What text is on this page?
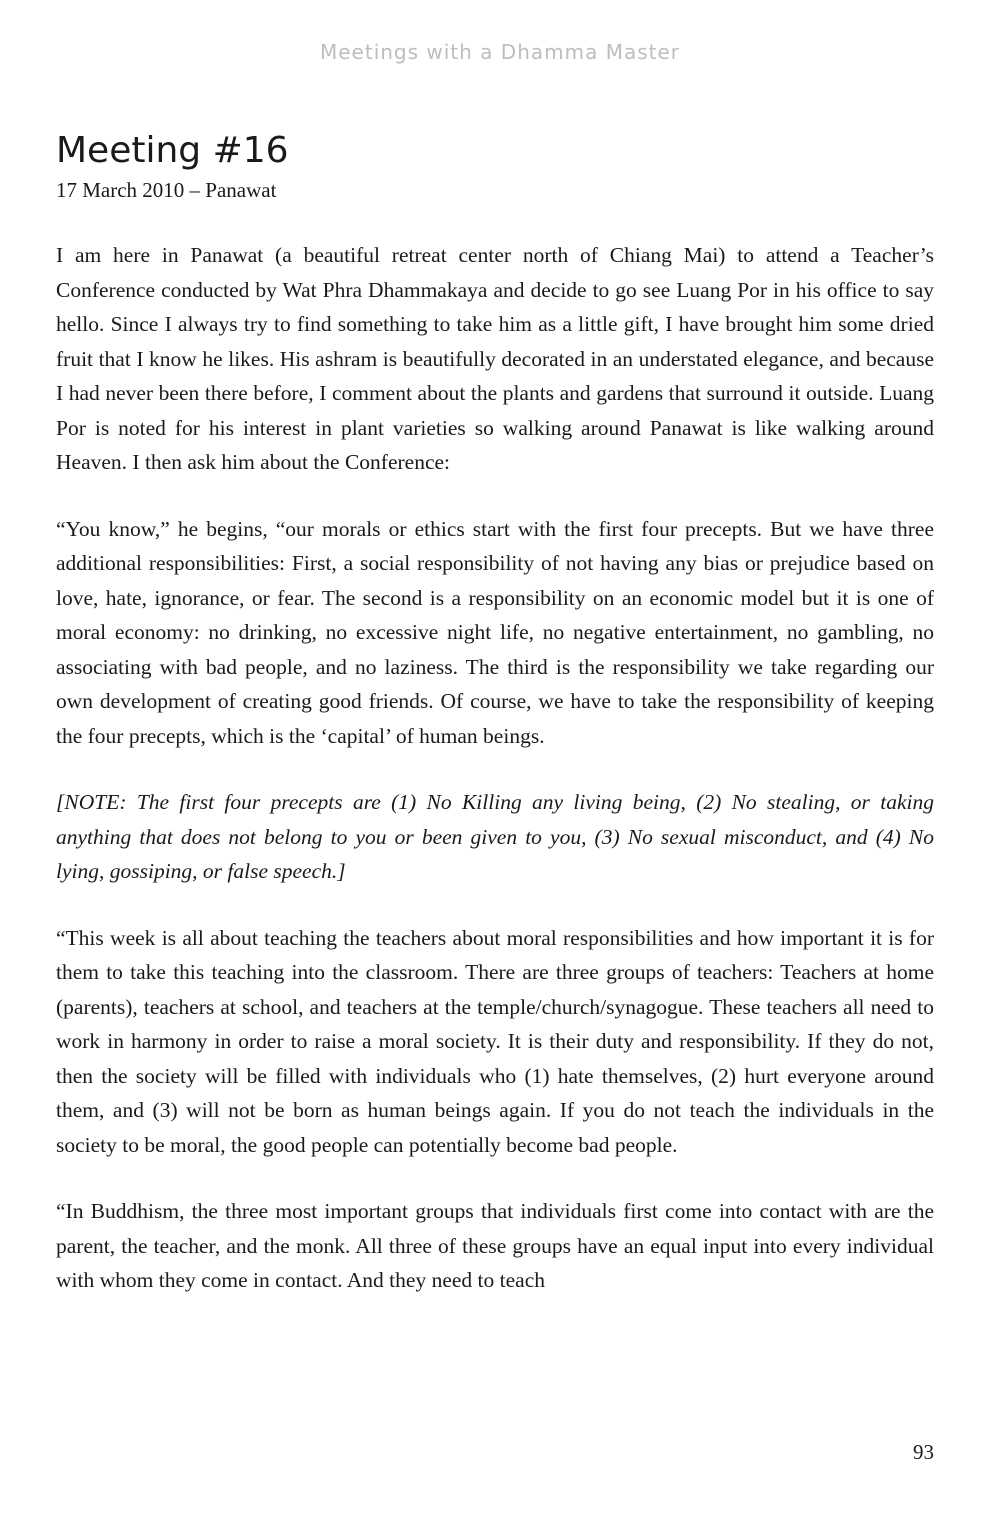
Meetings with a Dhamma Master
Meeting #16
17 March 2010 – Panawat

I am here in Panawat (a beautiful retreat center north of Chiang Mai) to attend a Teacher’s Conference conducted by Wat Phra Dhammakaya and decide to go see Luang Por in his office to say hello. Since I always try to find something to take him as a little gift, I have brought him some dried fruit that I know he likes. His ashram is beautifully decorated in an understated elegance, and because I had never been there before, I comment about the plants and gardens that surround it outside. Luang Por is noted for his interest in plant varieties so walking around Panawat is like walking around Heaven. I then ask him about the Conference:

“You know,” he begins, “our morals or ethics start with the first four precepts. But we have three additional responsibilities: First, a social responsibility of not having any bias or prejudice based on love, hate, ignorance, or fear. The second is a responsibility on an economic model but it is one of moral economy: no drinking, no excessive night life, no negative entertainment, no gambling, no associating with bad people, and no laziness. The third is the responsibility we take regarding our own development of creating good friends. Of course, we have to take the responsibility of keeping the four precepts, which is the ‘capital’ of human beings.

[NOTE: The first four precepts are (1) No Killing any living being, (2) No stealing, or taking anything that does not belong to you or been given to you, (3) No sexual misconduct, and (4) No lying, gossiping, or false speech.]

“This week is all about teaching the teachers about moral responsibilities and how important it is for them to take this teaching into the classroom. There are three groups of teachers: Teachers at home (parents), teachers at school, and teachers at the temple/church/synagogue. These teachers all need to work in harmony in order to raise a moral society. It is their duty and responsibility. If they do not, then the society will be filled with individuals who (1) hate themselves, (2) hurt everyone around them, and (3) will not be born as human beings again. If you do not teach the individuals in the society to be moral, the good people can potentially become bad people.

“In Buddhism, the three most important groups that individuals first come into contact with are the parent, the teacher, and the monk. All three of these groups have an equal input into every individual with whom they come in contact. And they need to teach

93
